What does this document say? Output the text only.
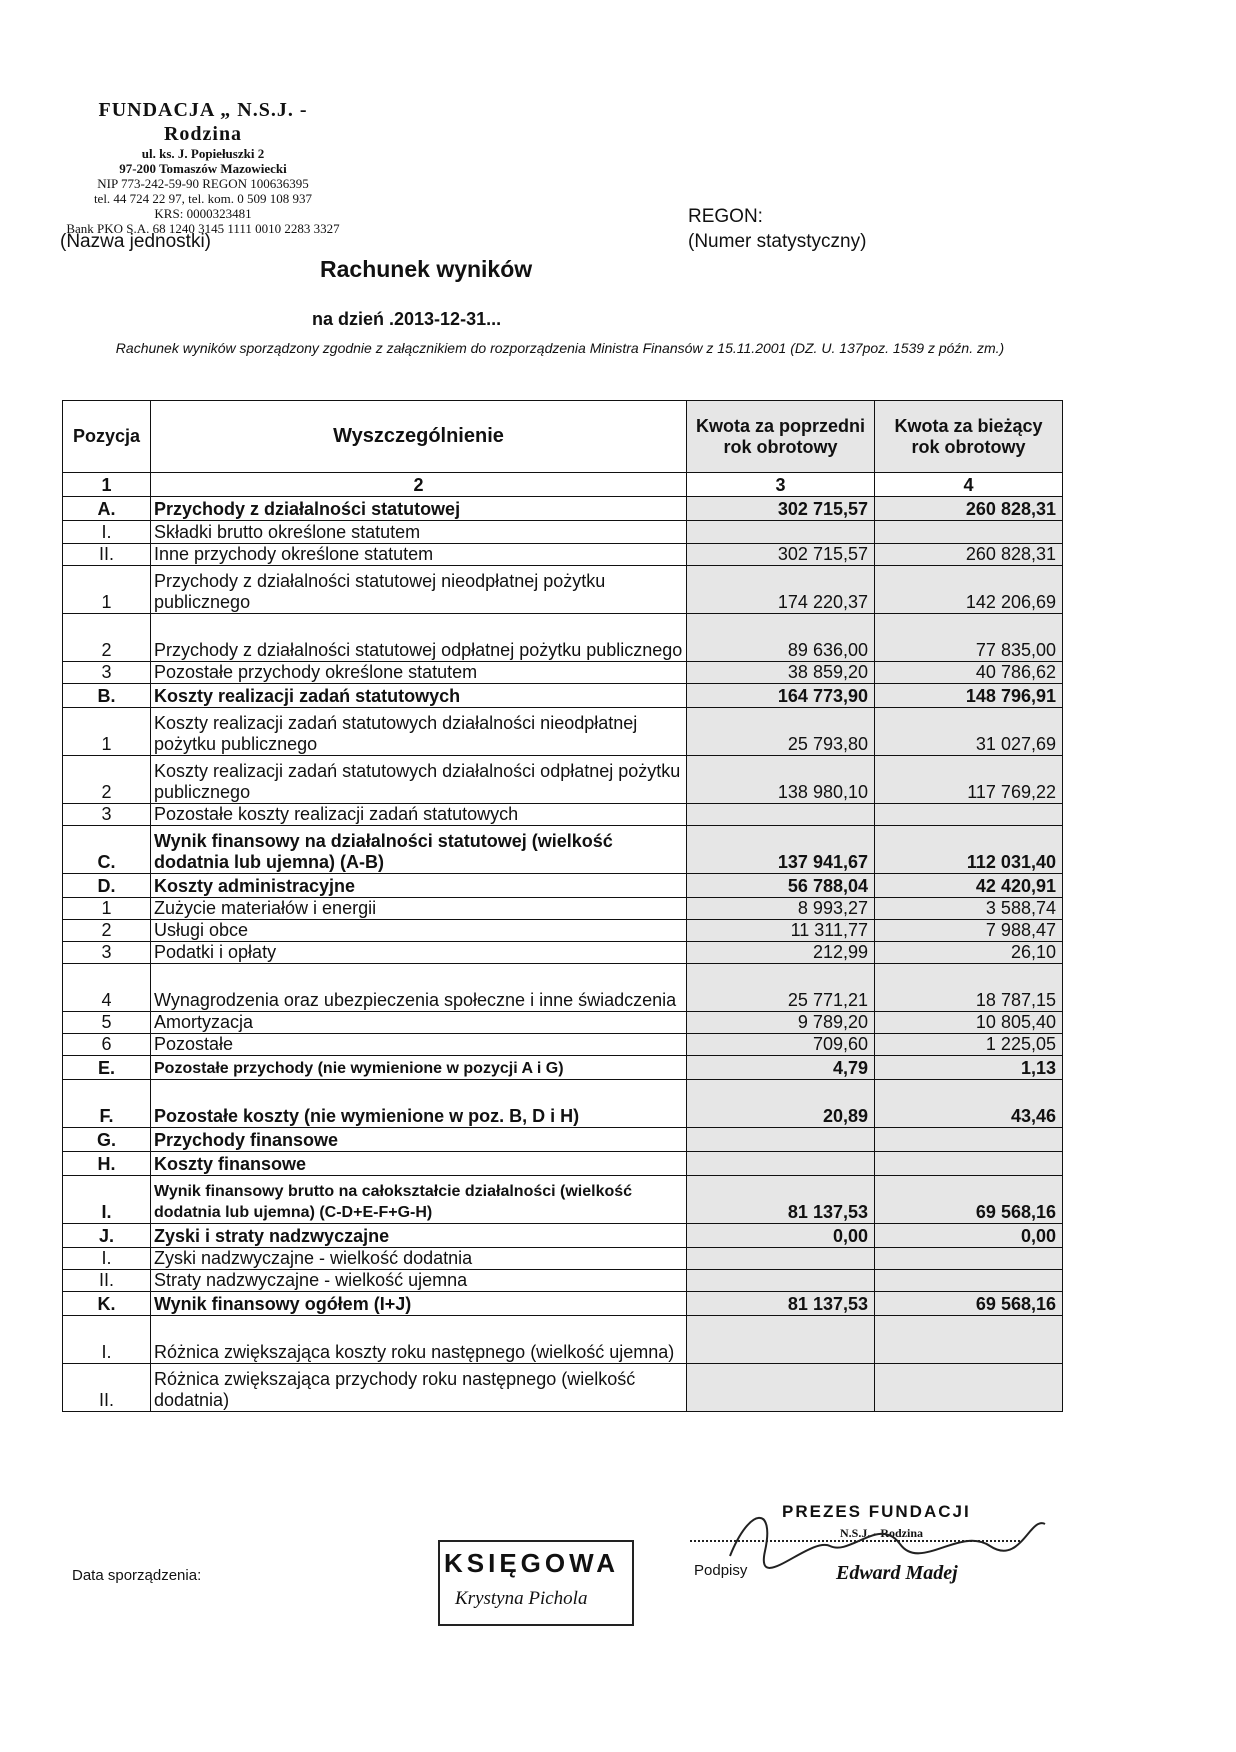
FUNDACJA „ N.S.J. - Rodzina
ul. ks. J. Popiełuszki 2
97-200 Tomaszów Mazowiecki
NIP 773-242-59-90 REGON 100636395
tel. 44 724 22 97, tel. kom. 0 509 108 937
KRS: 0000323481
Bank PKO S.A. 68 1240 3145 1111 0010 2283 3327
(Nazwa jednostki)
REGON:
(Numer statystyczny)
Rachunek wyników
na dzień .2013-12-31...
Rachunek wyników sporządzony zgodnie z załącznikiem do rozporządzenia Ministra Finansów z 15.11.2001 (DZ. U. 137poz. 1539 z późn. zm.)
Pozycja	Wyszczególnienie	Kwota za poprzedni rok obrotowy	Kwota za bieżący rok obrotowy
1	2	3	4
A.	Przychody z działalności statutowej	302 715,57	260 828,31
I.	Składki brutto określone statutem		
II.	Inne przychody określone statutem	302 715,57	260 828,31
1	Przychody z działalności statutowej nieodpłatnej pożytku publicznego	174 220,37	142 206,69
2	Przychody z działalności statutowej odpłatnej pożytku publicznego	89 636,00	77 835,00
3	Pozostałe przychody określone statutem	38 859,20	40 786,62
B.	Koszty realizacji zadań statutowych	164 773,90	148 796,91
1	Koszty realizacji zadań statutowych działalności nieodpłatnej pożytku publicznego	25 793,80	31 027,69
2	Koszty realizacji zadań statutowych działalności odpłatnej pożytku publicznego	138 980,10	117 769,22
3	Pozostałe koszty realizacji zadań statutowych		
C.	Wynik finansowy na działalności statutowej (wielkość dodatnia lub ujemna) (A-B)	137 941,67	112 031,40
D.	Koszty administracyjne	56 788,04	42 420,91
1	Zużycie materiałów i energii	8 993,27	3 588,74
2	Usługi obce	11 311,77	7 988,47
3	Podatki i opłaty	212,99	26,10
4	Wynagrodzenia oraz ubezpieczenia społeczne i inne świadczenia	25 771,21	18 787,15
5	Amortyzacja	9 789,20	10 805,40
6	Pozostałe	709,60	1 225,05
E.	Pozostałe przychody (nie wymienione w pozycji A i G)	4,79	1,13
F.	Pozostałe koszty (nie wymienione w poz. B, D i H)	20,89	43,46
G.	Przychody finansowe		
H.	Koszty finansowe		
I.	Wynik finansowy brutto na całokształcie działalności (wielkość dodatnia lub ujemna) (C-D+E-F+G-H)	81 137,53	69 568,16
J.	Zyski i straty nadzwyczajne	0,00	0,00
I.	Zyski nadzwyczajne - wielkość dodatnia		
II.	Straty nadzwyczajne - wielkość ujemna		
K.	Wynik finansowy ogółem (I+J)	81 137,53	69 568,16
I.	Różnica zwiększająca koszty roku następnego (wielkość ujemna)		
II.	Różnica zwiększająca przychody roku następnego (wielkość dodatnia)		
Data sporządzenia:	KSIĘGOWA
Krystyna Pichola
Podpisy
PREZES FUNDACJI
N.S.J. - Rodzina
Edward Madej
